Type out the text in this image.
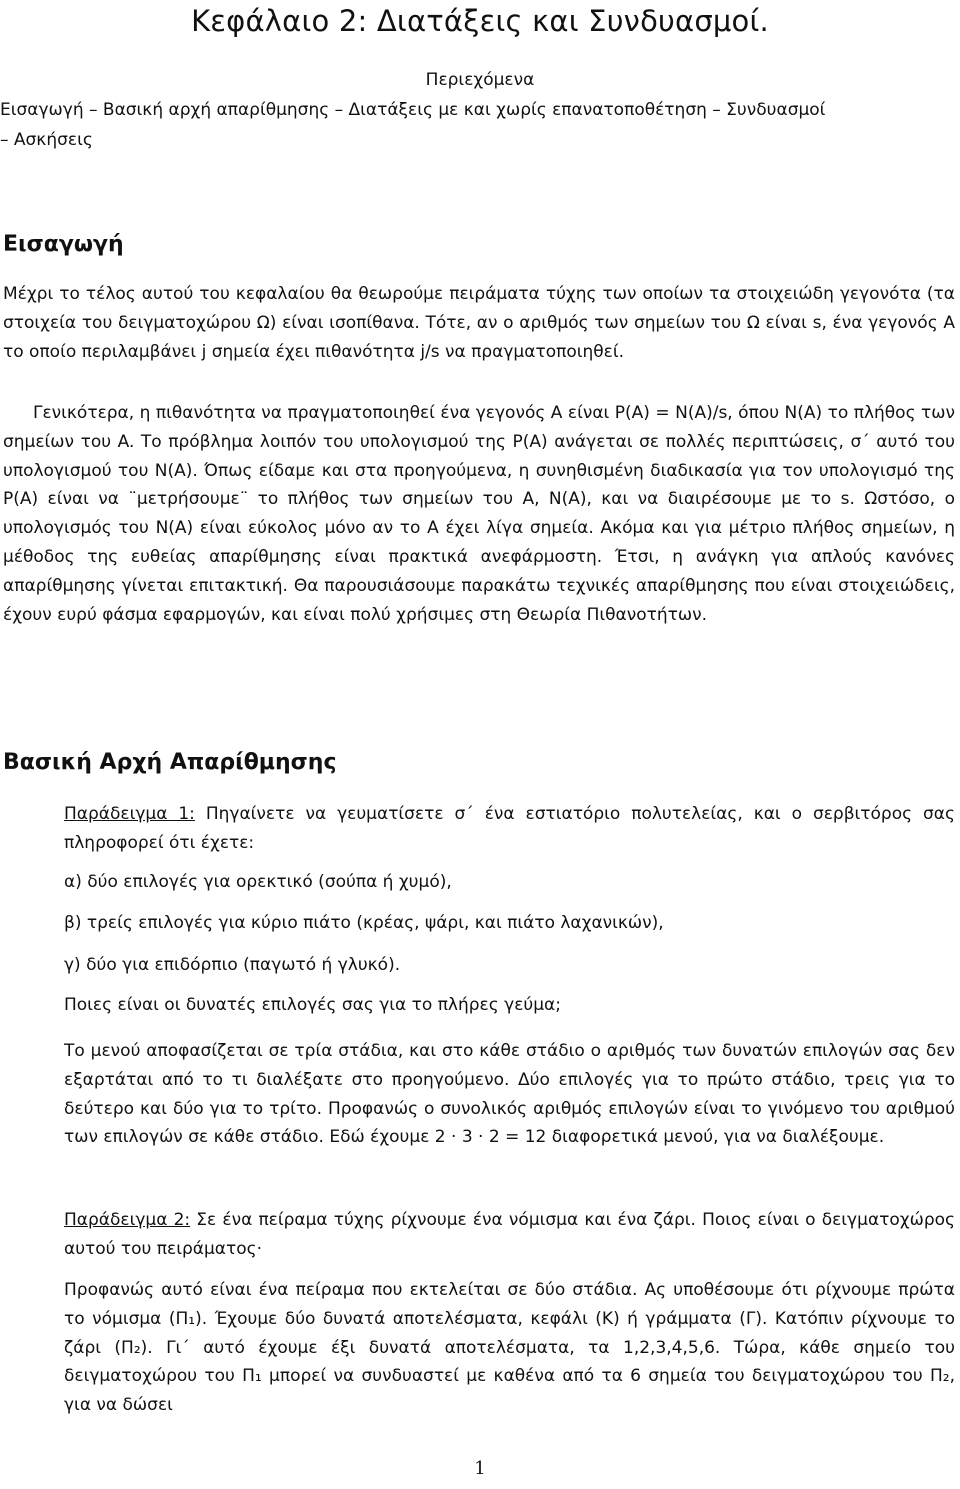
Κεφάλαιο 2: Διατάξεις και Συνδυασμοί.
Περιεχόμενα
Εισαγωγή – Βασική αρχή απαρίθμησης – Διατάξεις με και χωρίς επανατοποθέτηση – Συνδυασμοί
– Ασκήσεις
Εισαγωγή

Μέχρι το τέλος αυτού του κεφαλαίου θα θεωρούμε πειράματα τύχης των οποίων τα στοιχειώδη γεγονότα (τα στοιχεία του δειγματοχώρου Ω) είναι ισοπίθανα. Τότε, αν ο αριθμός των σημείων του Ω είναι s, ένα γεγονός A το οποίο περιλαμβάνει j σημεία έχει πιθανότητα j/s να πραγματοποιηθεί.

Γενικότερα, η πιθανότητα να πραγματοποιηθεί ένα γεγονός A είναι P(A) = N(A)/s, όπου N(A) το πλήθος των σημείων του A. Το πρόβλημα λοιπόν του υπολογισμού της P(A) ανάγεται σε πολλές περιπτώσεις, σ΄ αυτό του υπολογισμού του N(A). Όπως είδαμε και στα προηγούμενα, η συνηθισμένη διαδικασία για τον υπολογισμό της P(A) είναι να ¨μετρήσουμε¨ το πλήθος των σημείων του A, N(A), και να διαιρέσουμε με το s. Ωστόσο, ο υπολογισμός του N(A) είναι εύκολος μόνο αν το A έχει λίγα σημεία. Ακόμα και για μέτριο πλήθος σημείων, η μέθοδος της ευθείας απαρίθμησης είναι πρακτικά ανεφάρμοστη. Έτσι, η ανάγκη για απλούς κανόνες απαρίθμησης γίνεται επιτακτική. Θα παρουσιάσουμε παρακάτω τεχνικές απαρίθμησης που είναι στοιχειώδεις, έχουν ευρύ φάσμα εφαρμογών, και είναι πολύ χρήσιμες στη Θεωρία Πιθανοτήτων.

Βασική Αρχή Απαρίθμησης

Παράδειγμα 1: Πηγαίνετε να γευματίσετε σ΄ ένα εστιατόριο πολυτελείας, και ο σερβιτόρος σας πληροφορεί ότι έχετε:

α) δύο επιλογές για ορεκτικό (σούπα ή χυμό),
β) τρείς επιλογές για κύριο πιάτο (κρέας, ψάρι, και πιάτο λαχανικών),
γ) δύο για επιδόρπιο (παγωτό ή γλυκό).

Ποιες είναι οι δυνατές επιλογές σας για το πλήρες γεύμα;

Το μενού αποφασίζεται σε τρία στάδια, και στο κάθε στάδιο ο αριθμός των δυνατών επιλογών σας δεν εξαρτάται από το τι διαλέξατε στο προηγούμενο. Δύο επιλογές για το πρώτο στάδιο, τρεις για το δεύτερο και δύο για το τρίτο. Προφανώς ο συνολικός αριθμός επιλογών είναι το γινόμενο του αριθμού των επιλογών σε κάθε στάδιο. Εδώ έχουμε 2 · 3 · 2 = 12 διαφορετικά μενού, για να διαλέξουμε.

Παράδειγμα 2: Σε ένα πείραμα τύχης ρίχνουμε ένα νόμισμα και ένα ζάρι. Ποιος είναι ο δειγματοχώρος αυτού του πειράματος·

Προφανώς αυτό είναι ένα πείραμα που εκτελείται σε δύο στάδια. Ας υποθέσουμε ότι ρίχνουμε πρώτα το νόμισμα (Π₁). Έχουμε δύο δυνατά αποτελέσματα, κεφάλι (Κ) ή γράμματα (Γ). Κατόπιν ρίχνουμε το ζάρι (Π₂). Γι΄ αυτό έχουμε έξι δυνατά αποτελέσματα, τα 1,2,3,4,5,6. Τώρα, κάθε σημείο του δειγματοχώρου του Π₁ μπορεί να συνδυαστεί με καθένα από τα 6 σημεία του δειγματοχώρου του Π₂, για να δώσει

1
